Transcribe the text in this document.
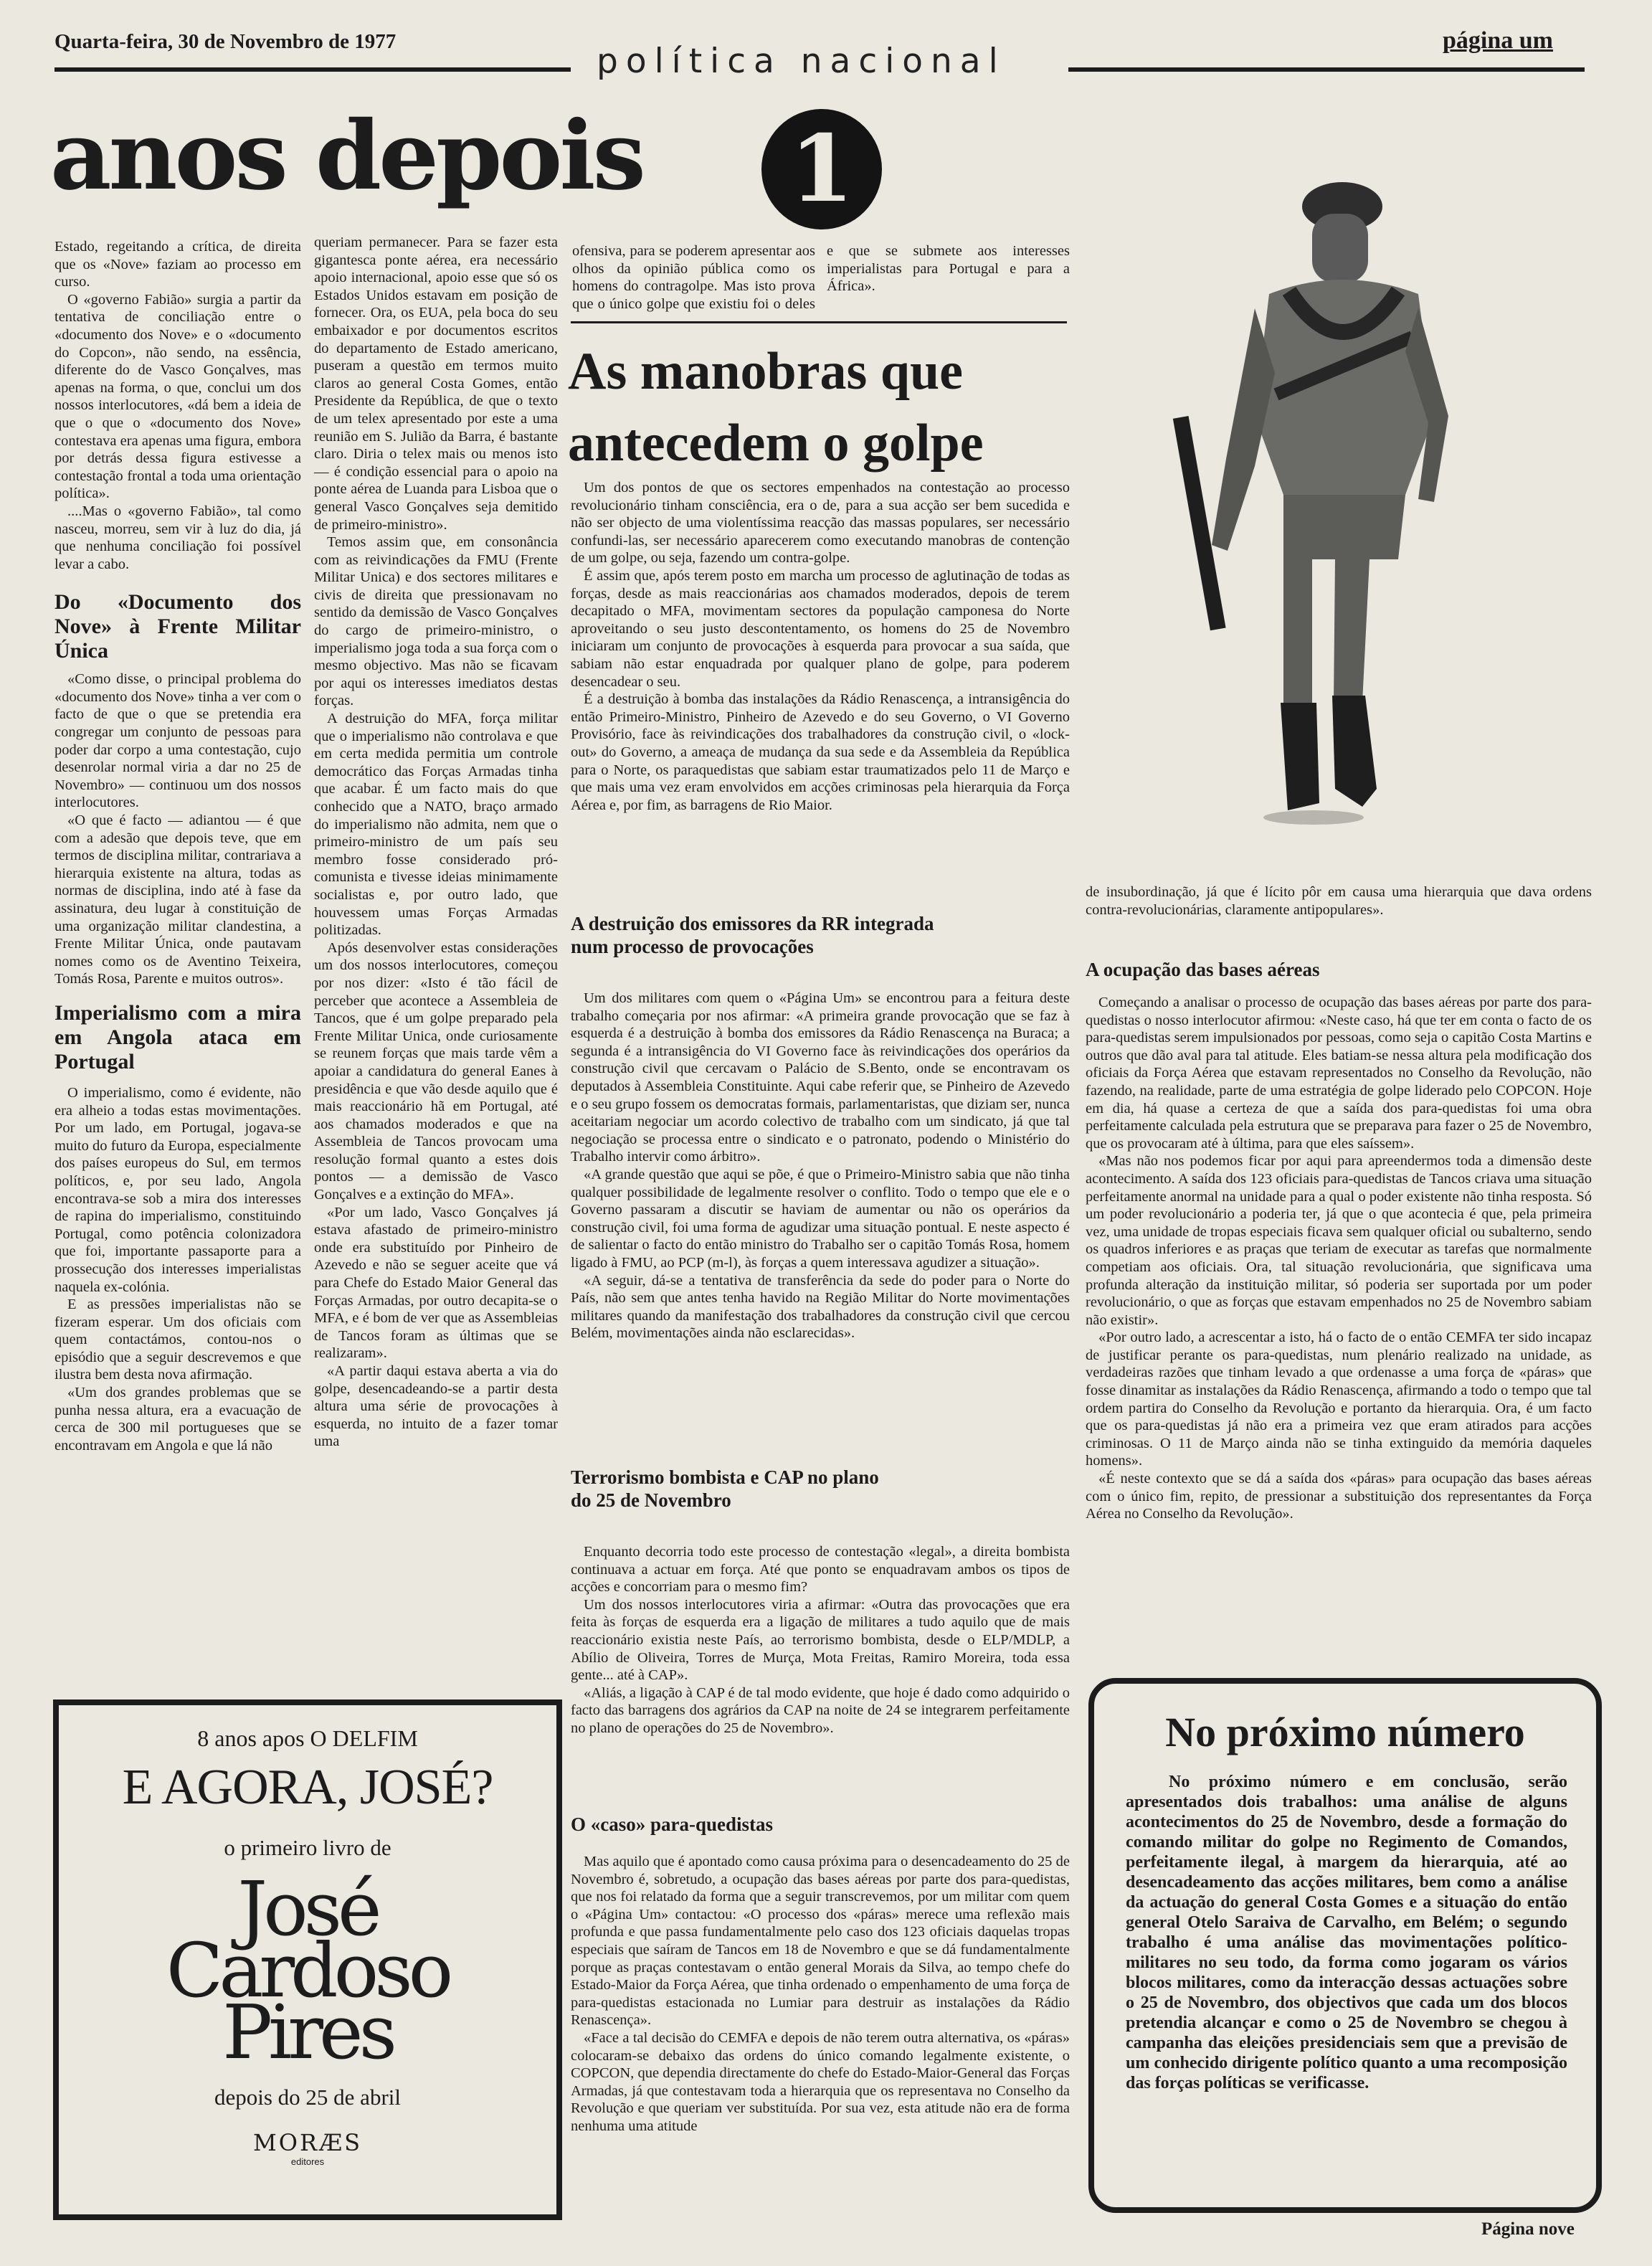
Quarta-feira, 30 de Novembro de 1977	política nacional
página um
anos depois	1

Estado, regeitando a crítica, de direita que os «Nove» faziam ao processo em curso.

O «governo Fabião» surgia a partir da tentativa de conciliação entre o «documento dos Nove» e o «documento do Copcon», não sendo, na essência, diferente do de Vasco Gonçalves, mas apenas na forma, o que, conclui um dos nossos interlocutores, «dá bem a ideia de que o que o «documento dos Nove» contestava era apenas uma figura, embora por detrás dessa figura estivesse a contestação frontal a toda uma orientação política».

....Mas o «governo Fabião», tal como nasceu, morreu, sem vir à luz do dia, já que nenhuma conciliação foi possível levar a cabo.

Do «Documento dos Nove» à Frente Militar Única

«Como disse, o principal problema do «documento dos Nove» tinha a ver com o facto de que o que se pretendia era congregar um conjunto de pessoas para poder dar corpo a uma contestação, cujo desenrolar normal viria a dar no 25 de Novembro» — continuou um dos nossos interlocutores.

«O que é facto — adiantou — é que com a adesão que depois teve, que em termos de disciplina militar, contrariava a hierarquia existente na altura, todas as normas de disciplina, indo até à fase da assinatura, deu lugar à constituição de uma organização militar clandestina, a Frente Militar Única, onde pautavam nomes como os de Aventino Teixeira, Tomás Rosa, Parente e muitos outros».

Imperialismo com a mira em Angola ataca em Portugal

O imperialismo, como é evidente, não era alheio a todas estas movimentações. Por um lado, em Portugal, jogava-se muito do futuro da Europa, especialmente dos países europeus do Sul, em termos políticos, e, por seu lado, Angola encontrava-se sob a mira dos interesses de rapina do imperialismo, constituindo Portugal, como potência colonizadora que foi, importante passaporte para a prossecução dos interesses imperialistas naquela ex-colónia.

E as pressões imperialistas não se fizeram esperar. Um dos oficiais com quem contactámos, contou-nos o episódio que a seguir descrevemos e que ilustra bem desta nova afirmação.

«Um dos grandes problemas que se punha nessa altura, era a evacuação de cerca de 300 mil portugueses que se encontravam em Angola e que lá não

queriam permanecer. Para se fazer esta gigantesca ponte aérea, era necessário apoio internacional, apoio esse que só os Estados Unidos estavam em posição de fornecer. Ora, os EUA, pela boca do seu embaixador e por documentos escritos do departamento de Estado americano, puseram a questão em termos muito claros ao general Costa Gomes, então Presidente da República, de que o texto de um telex apresentado por este a uma reunião em S. Julião da Barra, é bastante claro. Diria o telex mais ou menos isto — é condição essencial para o apoio na ponte aérea de Luanda para Lisboa que o general Vasco Gonçalves seja demitido de primeiro-ministro».

Temos assim que, em consonância com as reivindicações da FMU (Frente Militar Unica) e dos sectores militares e civis de direita que pressionavam no sentido da demissão de Vasco Gonçalves do cargo de primeiro-ministro, o imperialismo joga toda a sua força com o mesmo objectivo. Mas não se ficavam por aqui os interesses imediatos destas forças.

A destruição do MFA, força militar que o imperialismo não controlava e que em certa medida permitia um controle democrático das Forças Armadas tinha que acabar. É um facto mais do que conhecido que a NATO, braço armado do imperialismo não admita, nem que o primeiro-ministro de um país seu membro fosse considerado pró-comunista e tivesse ideias minimamente socialistas e, por outro lado, que houvessem umas Forças Armadas politizadas.

Após desenvolver estas considerações um dos nossos interlocutores, começou por nos dizer: «Isto é tão fácil de perceber que acontece a Assembleia de Tancos, que é um golpe preparado pela Frente Militar Unica, onde curiosamente se reunem forças que mais tarde vêm a apoiar a candidatura do general Eanes à presidência e que vão desde aquilo que é mais reaccionário hã em Portugal, até aos chamados moderados e que na Assembleia de Tancos provocam uma resolução formal quanto a estes dois pontos — a demissão de Vasco Gonçalves e a extinção do MFA».

«Por um lado, Vasco Gonçalves já estava afastado de primeiro-ministro onde era substituído por Pinheiro de Azevedo e não se seguer aceite que vá para Chefe do Estado Maior General das Forças Armadas, por outro decapita-se o MFA, e é bom de ver que as Assembleias de Tancos foram as últimas que se realizaram».

«A partir daqui estava aberta a via do golpe, desencadeando-se a partir desta altura uma série de provocações à esquerda, no intuito de a fazer tomar uma

ofensiva, para se poderem apresentar aos olhos da opinião pública como os homens do contragolpe. Mas isto prova que o único golpe que existiu foi o deles e que se submete aos interesses imperialistas para Portugal e para a África».

As manobras que antecedem o golpe

Um dos pontos de que os sectores empenhados na contestação ao processo revolucionário tinham consciência, era o de, para a sua acção ser bem sucedida e não ser objecto de uma violentíssima reacção das massas populares, ser necessário confundi-las, ser necessário aparecerem como executando manobras de contenção de um golpe, ou seja, fazendo um contra-golpe.

É assim que, após terem posto em marcha um processo de aglutinação de todas as forças, desde as mais reaccionárias aos chamados moderados, depois de terem decapitado o MFA, movimentam sectores da população camponesa do Norte aproveitando o seu justo descontentamento, os homens do 25 de Novembro iniciaram um conjunto de provocações à esquerda para provocar a sua saída, que sabiam não estar enquadrada por qualquer plano de golpe, para poderem desencadear o seu.

É a destruição à bomba das instalações da Rádio Renascença, a intransigência do então Primeiro-Ministro, Pinheiro de Azevedo e do seu Governo, o VI Governo Provisório, face às reivindicações dos trabalhadores da construção civil, o «lock-out» do Governo, a ameaça de mudança da sua sede e da Assembleia da República para o Norte, os paraquedistas que sabiam estar traumatizados pelo 11 de Março e que mais uma vez eram envolvidos em acções criminosas pela hierarquia da Força Aérea e, por fim, as barragens de Rio Maior.

A destruição dos emissores da RR integrada num processo de provocações

Um dos militares com quem o «Página Um» se encontrou para a feitura deste trabalho começaria por nos afirmar: «A primeira grande provocação que se faz à esquerda é a destruição à bomba dos emissores da Rádio Renascença na Buraca; a segunda é a intransigência do VI Governo face às reivindicações dos operários da construção civil que cercavam o Palácio de S.Bento, onde se encontravam os deputados à Assembleia Constituinte. Aqui cabe referir que, se Pinheiro de Azevedo e o seu grupo fossem os democratas formais, parlamentaristas, que diziam ser, nunca aceitariam negociar um acordo colectivo de trabalho com um sindicato, já que tal negociação se processa entre o sindicato e o patronato, podendo o Ministério do Trabalho intervir como árbitro».

«A grande questão que aqui se põe, é que o Primeiro-Ministro sabia que não tinha qualquer possibilidade de legalmente resolver o conflito. Todo o tempo que ele e o Governo passaram a discutir se haviam de aumentar ou não os operários da construção civil, foi uma forma de agudizar uma situação pontual. E neste aspecto é de salientar o facto do então ministro do Trabalho ser o capitão Tomás Rosa, homem ligado à FMU, ao PCP (m-l), às forças a quem interessava agudizer a situação».

«A seguir, dá-se a tentativa de transferência da sede do poder para o Norte do País, não sem que antes tenha havido na Região Militar do Norte movimentações militares quando da manifestação dos trabalhadores da construção civil que cercou Belém, movimentações ainda não esclarecidas».

Terrorismo bombista e CAP no plano do 25 de Novembro

Enquanto decorria todo este processo de contestação «legal», a direita bombista continuava a actuar em força. Até que ponto se enquadravam ambos os tipos de acções e concorriam para o mesmo fim?

Um dos nossos interlocutores viria a afirmar: «Outra das provocações que era feita às forças de esquerda era a ligação de militares a tudo aquilo que de mais reaccionário existia neste País, ao terrorismo bombista, desde o ELP/MDLP, a Abílio de Oliveira, Torres de Murça, Mota Freitas, Ramiro Moreira, toda essa gente... até à CAP».

«Aliás, a ligação à CAP é de tal modo evidente, que hoje é dado como adquirido o facto das barragens dos agrários da CAP na noite de 24 se integrarem perfeitamente no plano de operações do 25 de Novembro».

O «caso» para-quedistas

Mas aquilo que é apontado como causa próxima para o desencadeamento do 25 de Novembro é, sobretudo, a ocupação das bases aéreas por parte dos para-quedistas, que nos foi relatado da forma que a seguir transcrevemos, por um militar com quem o «Página Um» contactou: «O processo dos «páras» merece uma reflexão mais profunda e que passa fundamentalmente pelo caso dos 123 oficiais daquelas tropas especiais que saíram de Tancos em 18 de Novembro e que se dá fundamentalmente porque as praças contestavam o então general Morais da Silva, ao tempo chefe do Estado-Maior da Força Aérea, que tinha ordenado o empenhamento de uma força de para-quedistas estacionada no Lumiar para destruir as instalações da Rádio Renascença».

«Face a tal decisão do CEMFA e depois de não terem outra alternativa, os «páras» colocaram-se debaixo das ordens do único comando legalmente existente, o COPCON, que dependia directamente do chefe do Estado-Maior-General das Forças Armadas, já que contestavam toda a hierarquia que os representava no Conselho da Revolução e que queriam ver substituída. Por sua vez, esta atitude não era de forma nenhuma uma atitude

de insubordinação, já que é lícito pôr em causa uma hierarquia que dava ordens contra-revolucionárias, claramente antipopulares».

A ocupação das bases aéreas

Começando a analisar o processo de ocupação das bases aéreas por parte dos para-quedistas o nosso interlocutor afirmou: «Neste caso, há que ter em conta o facto de os para-quedistas serem impulsionados por pessoas, como seja o capitão Costa Martins e outros que dão aval para tal atitude. Eles batiam-se nessa altura pela modificação dos oficiais da Força Aérea que estavam representados no Conselho da Revolução, não fazendo, na realidade, parte de uma estratégia de golpe liderado pelo COPCON. Hoje em dia, há quase a certeza de que a saída dos para-quedistas foi uma obra perfeitamente calculada pela estrutura que se preparava para fazer o 25 de Novembro, que os provocaram até à última, para que eles saíssem».

«Mas não nos podemos ficar por aqui para apreendermos toda a dimensão deste acontecimento. A saída dos 123 oficiais para-quedistas de Tancos criava uma situação perfeitamente anormal na unidade para a qual o poder existente não tinha resposta. Só um poder revolucionário a poderia ter, já que o que acontecia é que, pela primeira vez, uma unidade de tropas especiais ficava sem qualquer oficial ou subalterno, sendo os quadros inferiores e as praças que teriam de executar as tarefas que normalmente competiam aos oficiais. Ora, tal situação revolucionária, que significava uma profunda alteração da instituição militar, só poderia ser suportada por um poder revolucionário, o que as forças que estavam empenhados no 25 de Novembro sabiam não existir».

«Por outro lado, a acrescentar a isto, há o facto de o então CEMFA ter sido incapaz de justificar perante os para-quedistas, num plenário realizado na unidade, as verdadeiras razões que tinham levado a que ordenasse a uma força de «páras» que fosse dinamitar as instalações da Rádio Renascença, afirmando a todo o tempo que tal ordem partira do Conselho da Revolução e portanto da hierarquia. Ora, é um facto que os para-quedistas já não era a primeira vez que eram atirados para acções criminosas. O 11 de Março ainda não se tinha extinguido da memória daqueles homens».

«É neste contexto que se dá a saída dos «páras» para ocupação das bases aéreas com o único fim, repito, de pressionar a substituição dos representantes da Força Aérea no Conselho da Revolução».

8 anos apos O DELFIM
E AGORA, JOSÉ?
o primeiro livro de
José
Cardoso
Pires
depois do 25 de abril
MORÆS
editores
No próximo número
No próximo número e em conclusão, serão apresentados dois trabalhos: uma análise de alguns acontecimentos do 25 de Novembro, desde a formação do comando militar do golpe no Regimento de Comandos, perfeitamente ilegal, à margem da hierarquia, até ao desencadeamento das acções militares, bem como a análise da actuação do general Costa Gomes e a situação do então general Otelo Saraiva de Carvalho, em Belém; o segundo trabalho é uma análise das movimentações político-militares no seu todo, da forma como jogaram os vários blocos militares, como da interacção dessas actuações sobre o 25 de Novembro, dos objectivos que cada um dos blocos pretendia alcançar e como o 25 de Novembro se chegou à campanha das eleições presidenciais sem que a previsão de um conhecido dirigente político quanto a uma recomposição das forças políticas se verificasse.
Página nove
